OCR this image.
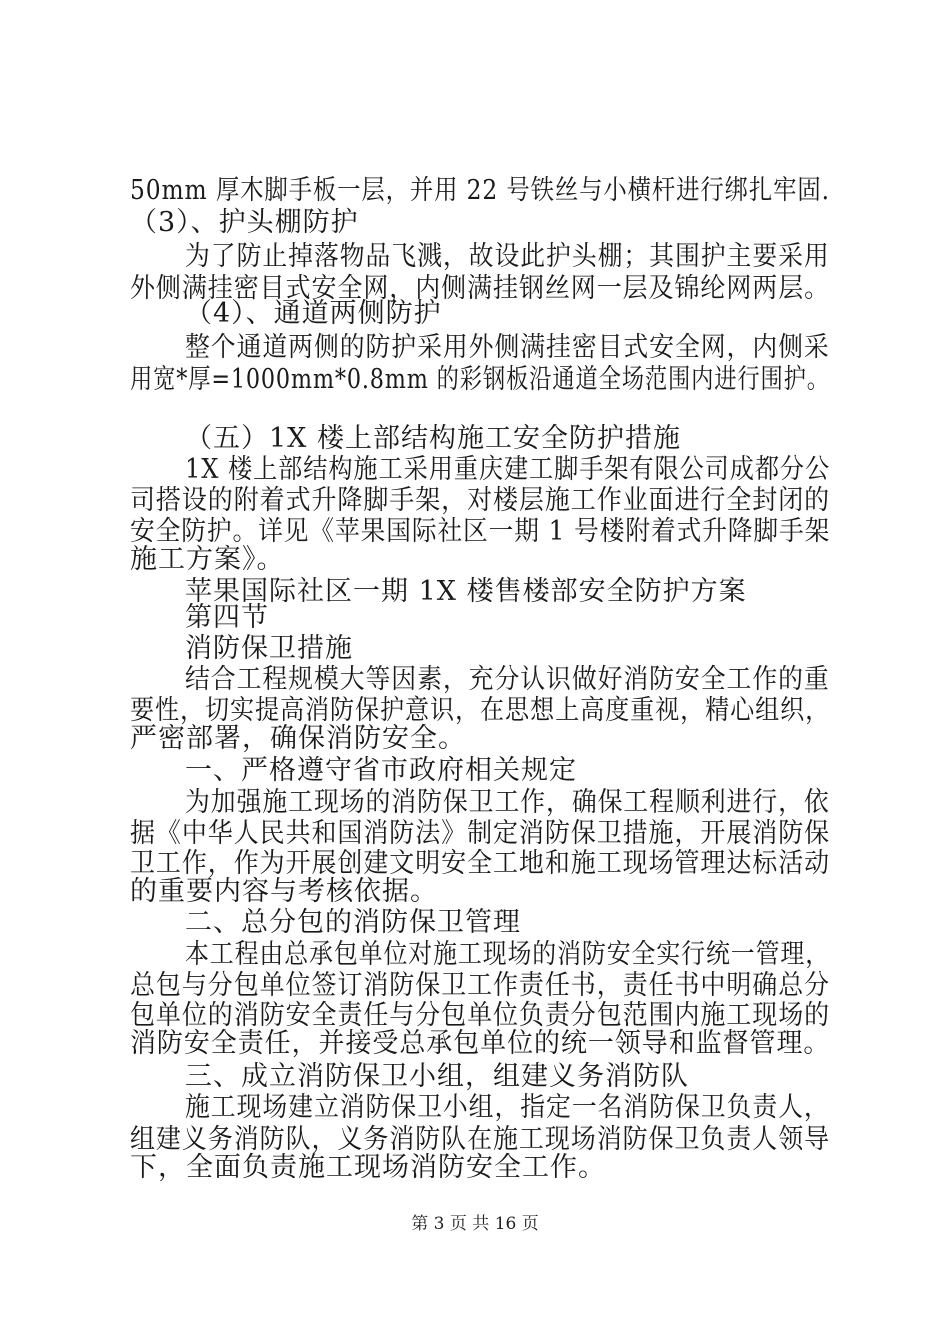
50mm 厚木脚手板一层，并用 22 号铁丝与小横杆进行绑扎牢固.
（3）、护头棚防护
为了防止掉落物品飞溅，故设此护头棚；其围护主要采用
外侧满挂密目式安全网，内侧满挂钢丝网一层及锦纶网两层。
（4）、通道两侧防护
整个通道两侧的防护采用外侧满挂密目式安全网，内侧采
用宽*厚=1000mm*0.8mm 的彩钢板沿通道全场范围内进行围护。
（五）1X 楼上部结构施工安全防护措施
1X 楼上部结构施工采用重庆建工脚手架有限公司成都分公
司搭设的附着式升降脚手架，对楼层施工作业面进行全封闭的
安全防护。详见《苹果国际社区一期 1 号楼附着式升降脚手架
施工方案》。
苹果国际社区一期 1X 楼售楼部安全防护方案
第四节
消防保卫措施
结合工程规模大等因素，充分认识做好消防安全工作的重
要性，切实提高消防保护意识，在思想上高度重视，精心组织，
严密部署，确保消防安全。
一、严格遵守省市政府相关规定
为加强施工现场的消防保卫工作，确保工程顺利进行，依
据《中华人民共和国消防法》制定消防保卫措施，开展消防保
卫工作，作为开展创建文明安全工地和施工现场管理达标活动
的重要内容与考核依据。
二、总分包的消防保卫管理
本工程由总承包单位对施工现场的消防安全实行统一管理，
总包与分包单位签订消防保卫工作责任书，责任书中明确总分
包单位的消防安全责任与分包单位负责分包范围内施工现场的
消防安全责任，并接受总承包单位的统一领导和监督管理。
三、成立消防保卫小组，组建义务消防队
施工现场建立消防保卫小组，指定一名消防保卫负责人，
组建义务消防队，义务消防队在施工现场消防保卫负责人领导
下，全面负责施工现场消防安全工作。
第 3 页 共 16 页
